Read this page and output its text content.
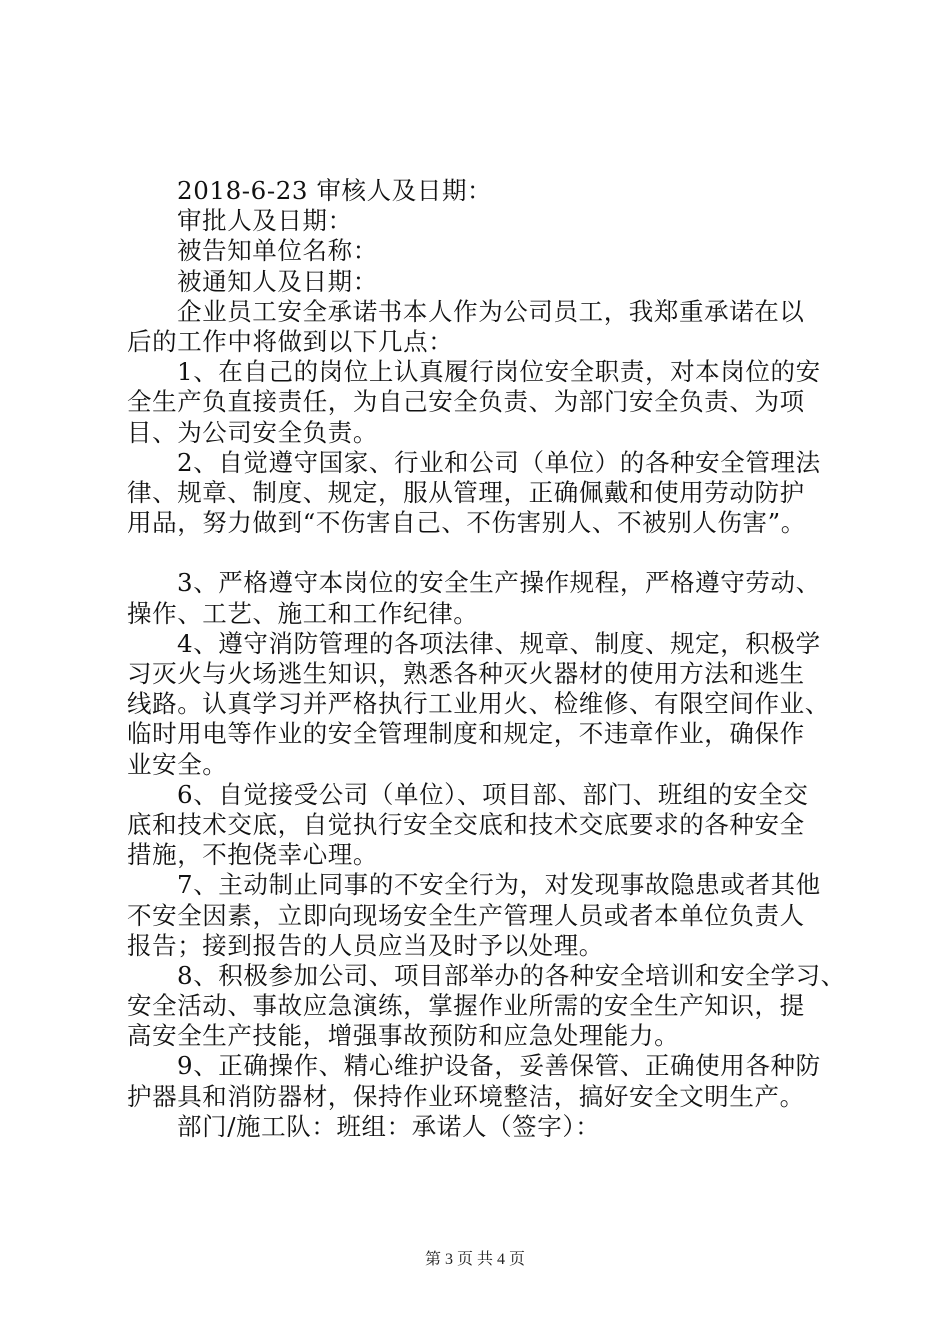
2018-6-23 审核人及日期：
审批人及日期：
被告知单位名称：
被通知人及日期：
企业员工安全承诺书本人作为公司员工，我郑重承诺在以
后的工作中将做到以下几点：
1、在自己的岗位上认真履行岗位安全职责，对本岗位的安
全生产负直接责任，为自己安全负责、为部门安全负责、为项
目、为公司安全负责。
2、自觉遵守国家、行业和公司（单位）的各种安全管理法
律、规章、制度、规定，服从管理，正确佩戴和使用劳动防护
用品，努力做到“不伤害自己、不伤害别人、不被别人伤害”。
3、严格遵守本岗位的安全生产操作规程，严格遵守劳动、
操作、工艺、施工和工作纪律。
4、遵守消防管理的各项法律、规章、制度、规定，积极学
习灭火与火场逃生知识，熟悉各种灭火器材的使用方法和逃生
线路。认真学习并严格执行工业用火、检维修、有限空间作业、
临时用电等作业的安全管理制度和规定，不违章作业，确保作
业安全。
6、自觉接受公司（单位）、项目部、部门、班组的安全交
底和技术交底，自觉执行安全交底和技术交底要求的各种安全
措施，不抱侥幸心理。
7、主动制止同事的不安全行为，对发现事故隐患或者其他
不安全因素，立即向现场安全生产管理人员或者本单位负责人
报告；接到报告的人员应当及时予以处理。
8、积极参加公司、项目部举办的各种安全培训和安全学习、
安全活动、事故应急演练，掌握作业所需的安全生产知识，提
高安全生产技能，增强事故预防和应急处理能力。
9、正确操作、精心维护设备，妥善保管、正确使用各种防
护器具和消防器材，保持作业环境整洁，搞好安全文明生产。
部门/施工队：班组：承诺人（签字）：
第 3 页 共 4 页
